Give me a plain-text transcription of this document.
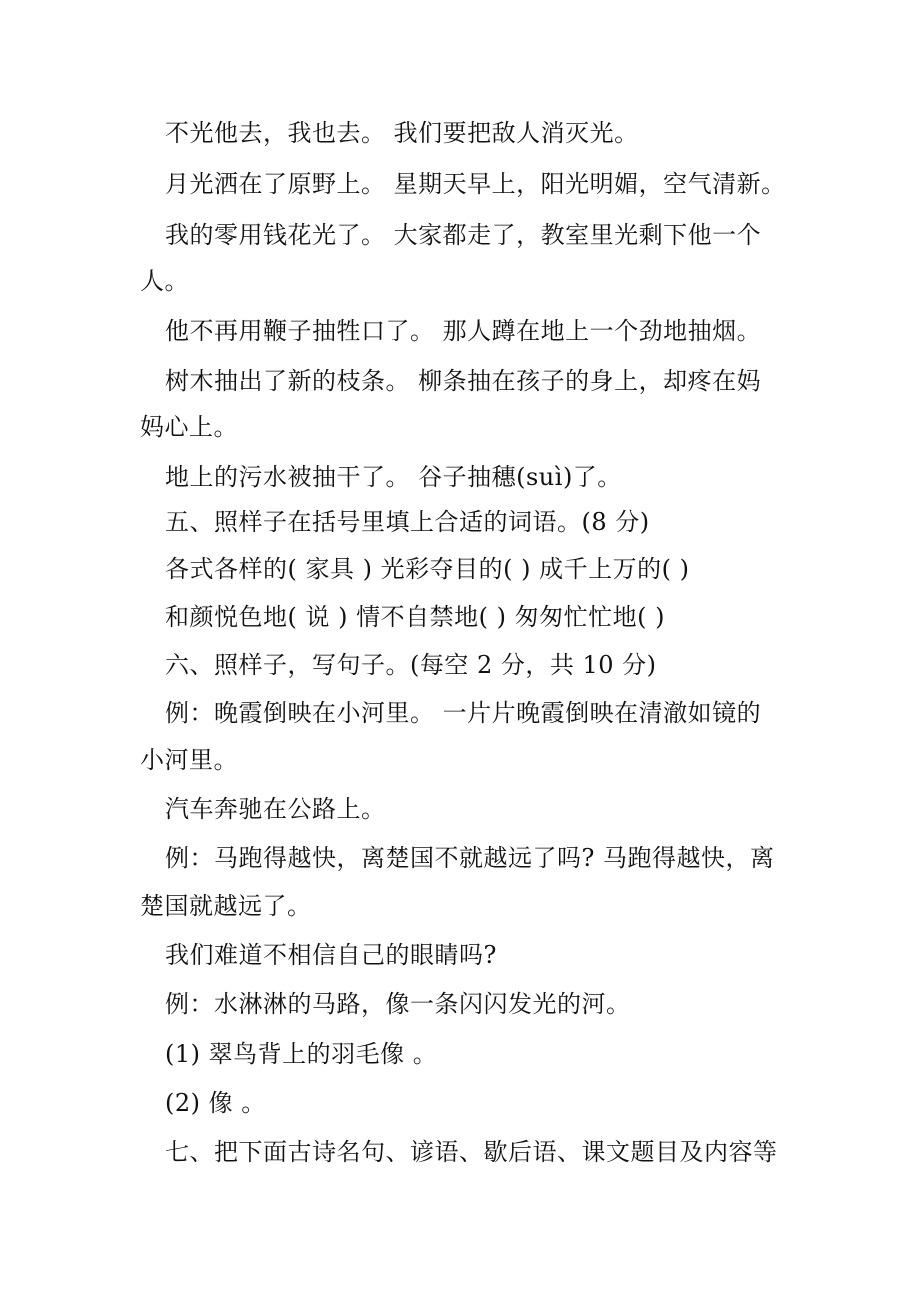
不光他去，我也去。 我们要把敌人消灭光。
月光洒在了原野上。 星期天早上，阳光明媚，空气清新。
我的零用钱花光了。 大家都走了，教室里光剩下他一个
人。
他不再用鞭子抽牲口了。 那人蹲在地上一个劲地抽烟。
树木抽出了新的枝条。 柳条抽在孩子的身上，却疼在妈
妈心上。
地上的污水被抽干了。 谷子抽穗(suì)了。
五、照样子在括号里填上合适的词语。(8 分)
各式各样的( 家具 ) 光彩夺目的( ) 成千上万的( )
和颜悦色地( 说 ) 情不自禁地( ) 匆匆忙忙地( )
六、照样子，写句子。(每空 2 分，共 10 分)
例：晚霞倒映在小河里。 一片片晚霞倒映在清澈如镜的
小河里。
汽车奔驰在公路上。
例：马跑得越快，离楚国不就越远了吗? 马跑得越快，离
楚国就越远了。
我们难道不相信自己的眼睛吗?
例：水淋淋的马路，像一条闪闪发光的河。
(1) 翠鸟背上的羽毛像 。
(2) 像 。
七、把下面古诗名句、谚语、歇后语、课文题目及内容等
